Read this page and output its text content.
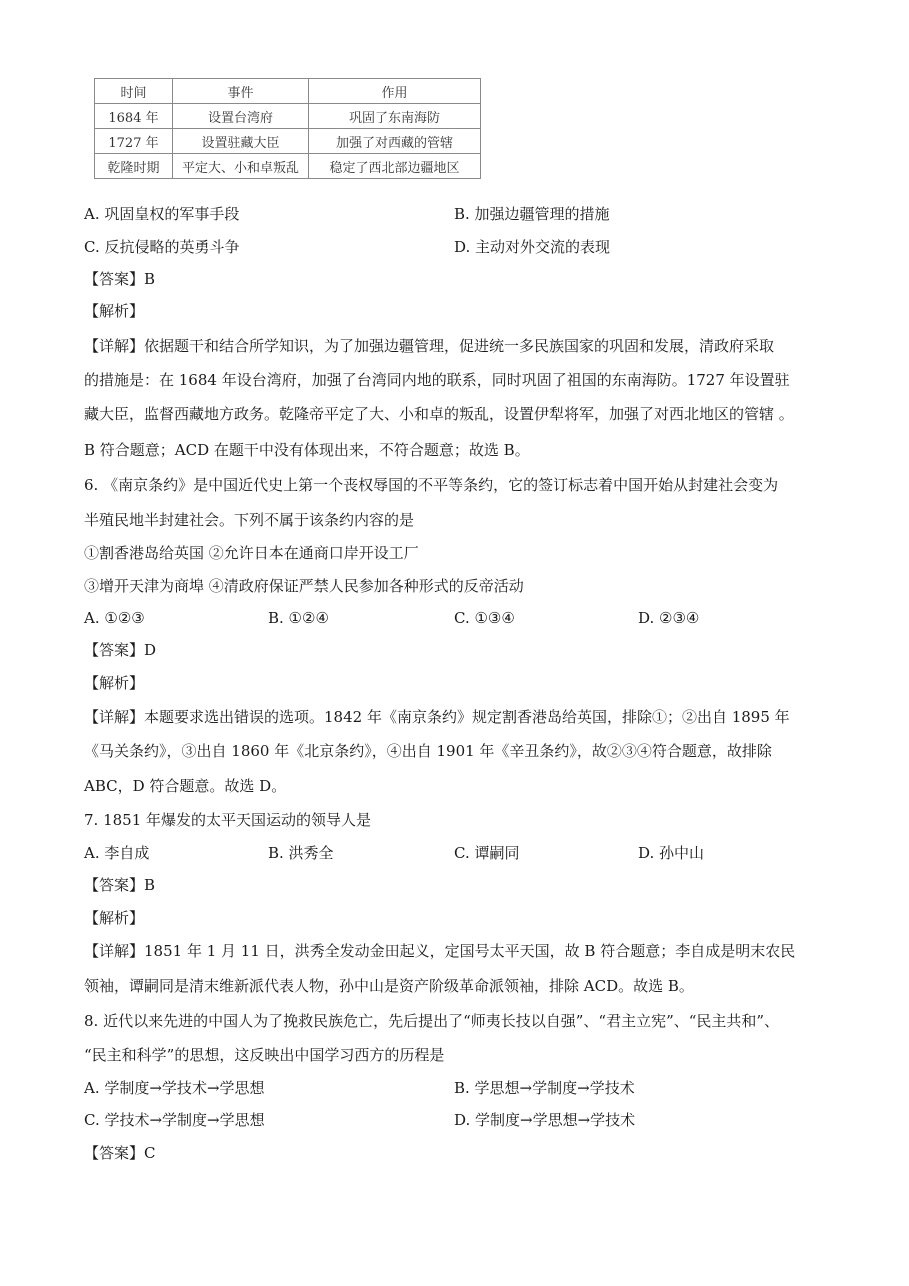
时间	事件	作用
1684 年	设置台湾府	巩固了东南海防
1727 年	设置驻藏大臣	加强了对西藏的管辖
乾隆时期	平定大、小和卓叛乱	稳定了西北部边疆地区
A. 巩固皇权的军事手段	B. 加强边疆管理的措施
C. 反抗侵略的英勇斗争	D. 主动对外交流的表现
【答案】B
【解析】
【详解】依据题干和结合所学知识，为了加强边疆管理，促进统一多民族国家的巩固和发展，清政府采取
的措施是：在 1684 年设台湾府，加强了台湾同内地的联系，同时巩固了祖国的东南海防。1727 年设置驻
藏大臣，监督西藏地方政务。乾隆帝平定了大、小和卓的叛乱，设置伊犁将军，加强了对西北地区的管辖 。
B 符合题意；ACD 在题干中没有体现出来，不符合题意；故选 B。
6. 《南京条约》是中国近代史上第一个丧权辱国的不平等条约，它的签订标志着中国开始从封建社会变为
半殖民地半封建社会。下列不属于该条约内容的是
①割香港岛给英国 ②允许日本在通商口岸开设工厂
③增开天津为商埠 ④清政府保证严禁人民参加各种形式的反帝活动
A. ①②③	B. ①②④	C. ①③④	D. ②③④
【答案】D
【解析】
【详解】本题要求选出错误的选项。1842 年《南京条约》规定割香港岛给英国，排除①；②出自 1895 年
《马关条约》，③出自 1860 年《北京条约》，④出自 1901 年《辛丑条约》，故②③④符合题意，故排除
ABC，D 符合题意。故选 D。
7. 1851 年爆发的太平天国运动的领导人是
A. 李自成	B. 洪秀全	C. 谭嗣同	D. 孙中山
【答案】B
【解析】
【详解】1851 年 1 月 11 日，洪秀全发动金田起义，定国号太平天国，故 B 符合题意；李自成是明末农民
领袖，谭嗣同是清末维新派代表人物，孙中山是资产阶级革命派领袖，排除 ACD。故选 B。
8. 近代以来先进的中国人为了挽救民族危亡，先后提出了“师夷长技以自强”、“君主立宪”、“民主共和”、
“民主和科学”的思想，这反映出中国学习西方的历程是
A. 学制度→学技术→学思想	B. 学思想→学制度→学技术
C. 学技术→学制度→学思想	D. 学制度→学思想→学技术
【答案】C
